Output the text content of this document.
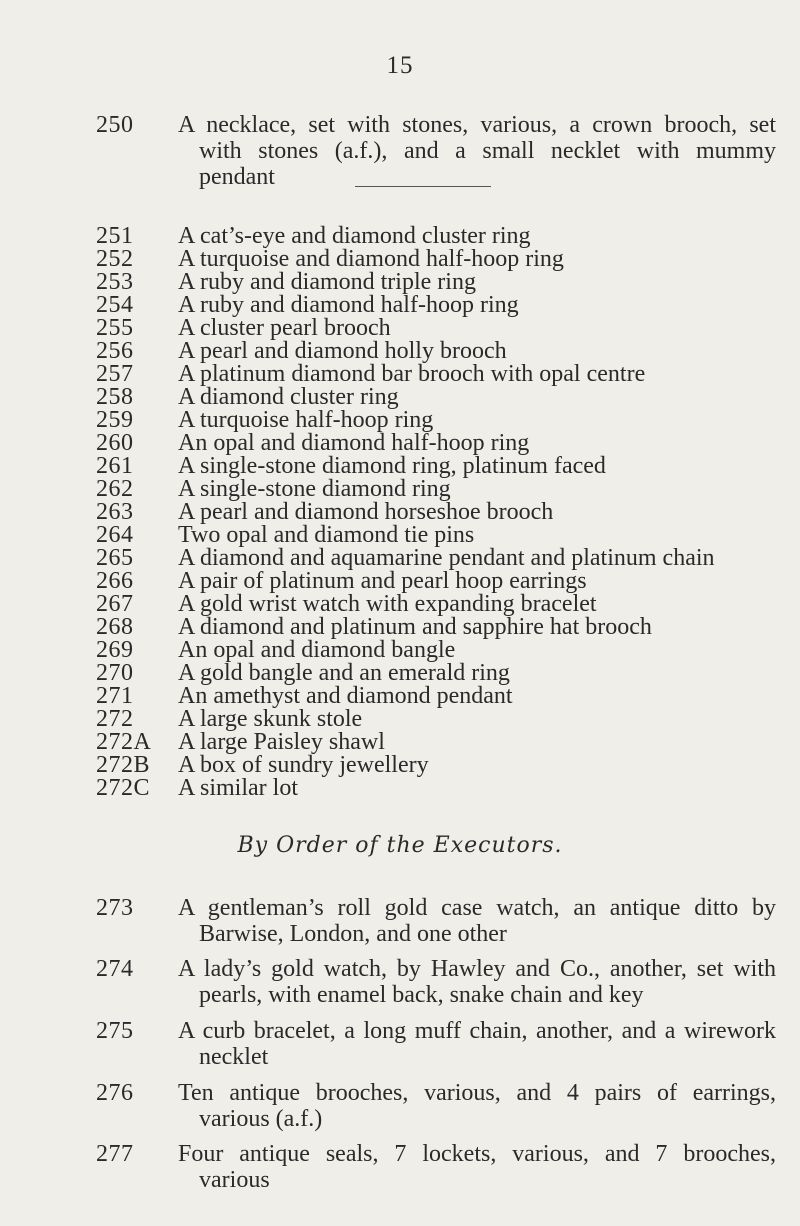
15
250	A necklace, set with stones, various, a crown brooch, set
with stones (a.f.), and a small necklet with mummy
pendant
251	A cat’s-eye and diamond cluster ring
252	A turquoise and diamond half-hoop ring
253	A ruby and diamond triple ring
254	A ruby and diamond half-hoop ring
255	A cluster pearl brooch
256	A pearl and diamond holly brooch
257	A platinum diamond bar brooch with opal centre
258	A diamond cluster ring
259	A turquoise half-hoop ring
260	An opal and diamond half-hoop ring
261	A single-stone diamond ring, platinum faced
262	A single-stone diamond ring
263	A pearl and diamond horseshoe brooch
264	Two opal and diamond tie pins
265	A diamond and aquamarine pendant and platinum chain
266	A pair of platinum and pearl hoop earrings
267	A gold wrist watch with expanding bracelet
268	A diamond and platinum and sapphire hat brooch
269	An opal and diamond bangle
270	A gold bangle and an emerald ring
271	An amethyst and diamond pendant
272	A large skunk stole
272A	A large Paisley shawl
272B	A box of sundry jewellery
272C	A similar lot
By Order of the Executors.
273	A gentleman’s roll gold case watch, an antique ditto by
Barwise, London, and one other
274	A lady’s gold watch, by Hawley and Co., another, set with
pearls, with enamel back, snake chain and key
275	A curb bracelet, a long muff chain, another, and a wirework
necklet
276	Ten antique brooches, various, and 4 pairs of earrings,
various (a.f.)
277	Four antique seals, 7 lockets, various, and 7 brooches,
various
